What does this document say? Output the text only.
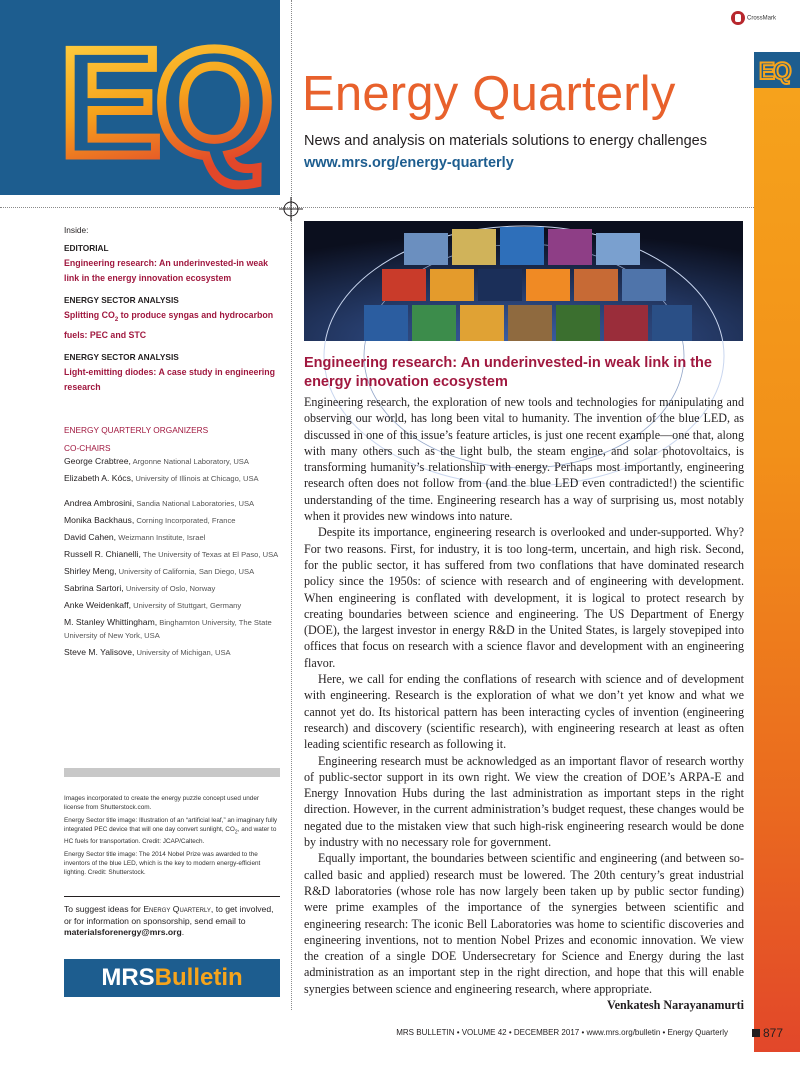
EQ	EQ
CrossMark
Energy Quarterly
News and analysis on materials solutions to energy challenges
www.mrs.org/energy-quarterly
Inside:
EDITORIAL
Engineering research: An underinvested-in weak link in the energy innovation ecosystem
ENERGY SECTOR ANALYSIS
Splitting $CO_2$ to produce syngas and hydrocarbon fuels: PEC and STC
ENERGY SECTOR ANALYSIS
Light-emitting diodes: A case study in engineering research
ENERGY QUARTERLY ORGANIZERS
CO-CHAIRS
George Crabtree, Argonne National Laboratory, USA
Elizabeth A. Kócs, University of Illinois at Chicago, USA
Andrea Ambrosini, Sandia National Laboratories, USA
Monika Backhaus, Corning Incorporated, France
David Cahen, Weizmann Institute, Israel
Russell R. Chianelli, The University of Texas at El Paso, USA
Shirley Meng, University of California, San Diego, USA
Sabrina Sartori, University of Oslo, Norway
Anke Weidenkaff, University of Stuttgart, Germany
M. Stanley Whittingham, Binghamton University, The State University of New York, USA
Steve M. Yalisove, University of Michigan, USA

Images incorporated to create the energy puzzle concept used under license from Shutterstock.com.

Energy Sector title image: Illustration of an “artificial leaf,” an imaginary fully integrated PEC device that will one day convert sunlight, $CO_2$, and water to HC fuels for transportation. Credit: JCAP/Caltech.

Energy Sector title image: The 2014 Nobel Prize was awarded to the inventors of the blue LED, which is the key to modern energy-efficient lighting. Credit: Shutterstock.

To suggest ideas for Energy Quarterly, to get involved, or for information on sponsorship, send email to
materialsforenergy@mrs.org.
MRSBulletin
Engineering research: An underinvested-in weak link in the energy innovation ecosystem

Engineering research, the exploration of new tools and technologies for manipulating and observing our world, has long been vital to humanity. The invention of the blue LED, as discussed in one of this issue’s feature articles, is just one recent example—one that, along with many others such as the light bulb, the steam engine, and solar photovoltaics, is transforming humanity’s relationship with energy. Perhaps most importantly, engineering research often does not follow from (and the blue LED even contradicted!) the scientific understanding of the time. Engineering research has a way of surprising us, most notably when it provides new windows into nature.

Despite its importance, engineering research is overlooked and under-supported. Why? For two reasons. First, for industry, it is too long-term, uncertain, and high risk. Second, for the public sector, it has suffered from two conflations that have dominated research policy since the 1950s: of science with research and of engineering with development. When engineering is conflated with development, it is logical to protect research by creating boundaries between science and engineering. The US Department of Energy (DOE), the largest investor in energy R&D in the United States, is largely stovepiped into offices that focus on research with a science flavor and development with an engineering flavor.

Here, we call for ending the conflations of research with science and of development with engineering. Research is the exploration of what we don’t yet know and what we cannot yet do. Its historical pattern has been interacting cycles of invention (engineering research) and discovery (scientific research), with engineering research at least as often leading scientific research as following it.

Engineering research must be acknowledged as an important flavor of research worthy of public-sector support in its own right. We view the creation of DOE’s ARPA-E and Energy Innovation Hubs during the last administration as important steps in the right direction. However, in the current administration’s budget request, these changes would be negated due to the mistaken view that such high-risk engineering research would be done by industry with no necessary role for government.

Equally important, the boundaries between scientific and engineering (and between so-called basic and applied) research must be lowered. The 20th century’s great industrial R&D laboratories (whose role has now largely been taken up by public sector funding) were prime examples of the importance of the synergies between scientific and engineering research: The iconic Bell Laboratories was home to scientific discoveries and engineering inventions, not to mention Nobel Prizes and economic innovation. We view the creation of a single DOE Undersecretary for Science and Energy during the last administration as an important step in the right direction, and hope that this will enable synergies between science and engineering research, where appropriate.

Venkatesh Narayanamurti
MRS BULLETIN • VOLUME 42 • DECEMBER 2017 • www.mrs.org/bulletin • Energy Quarterly	877
